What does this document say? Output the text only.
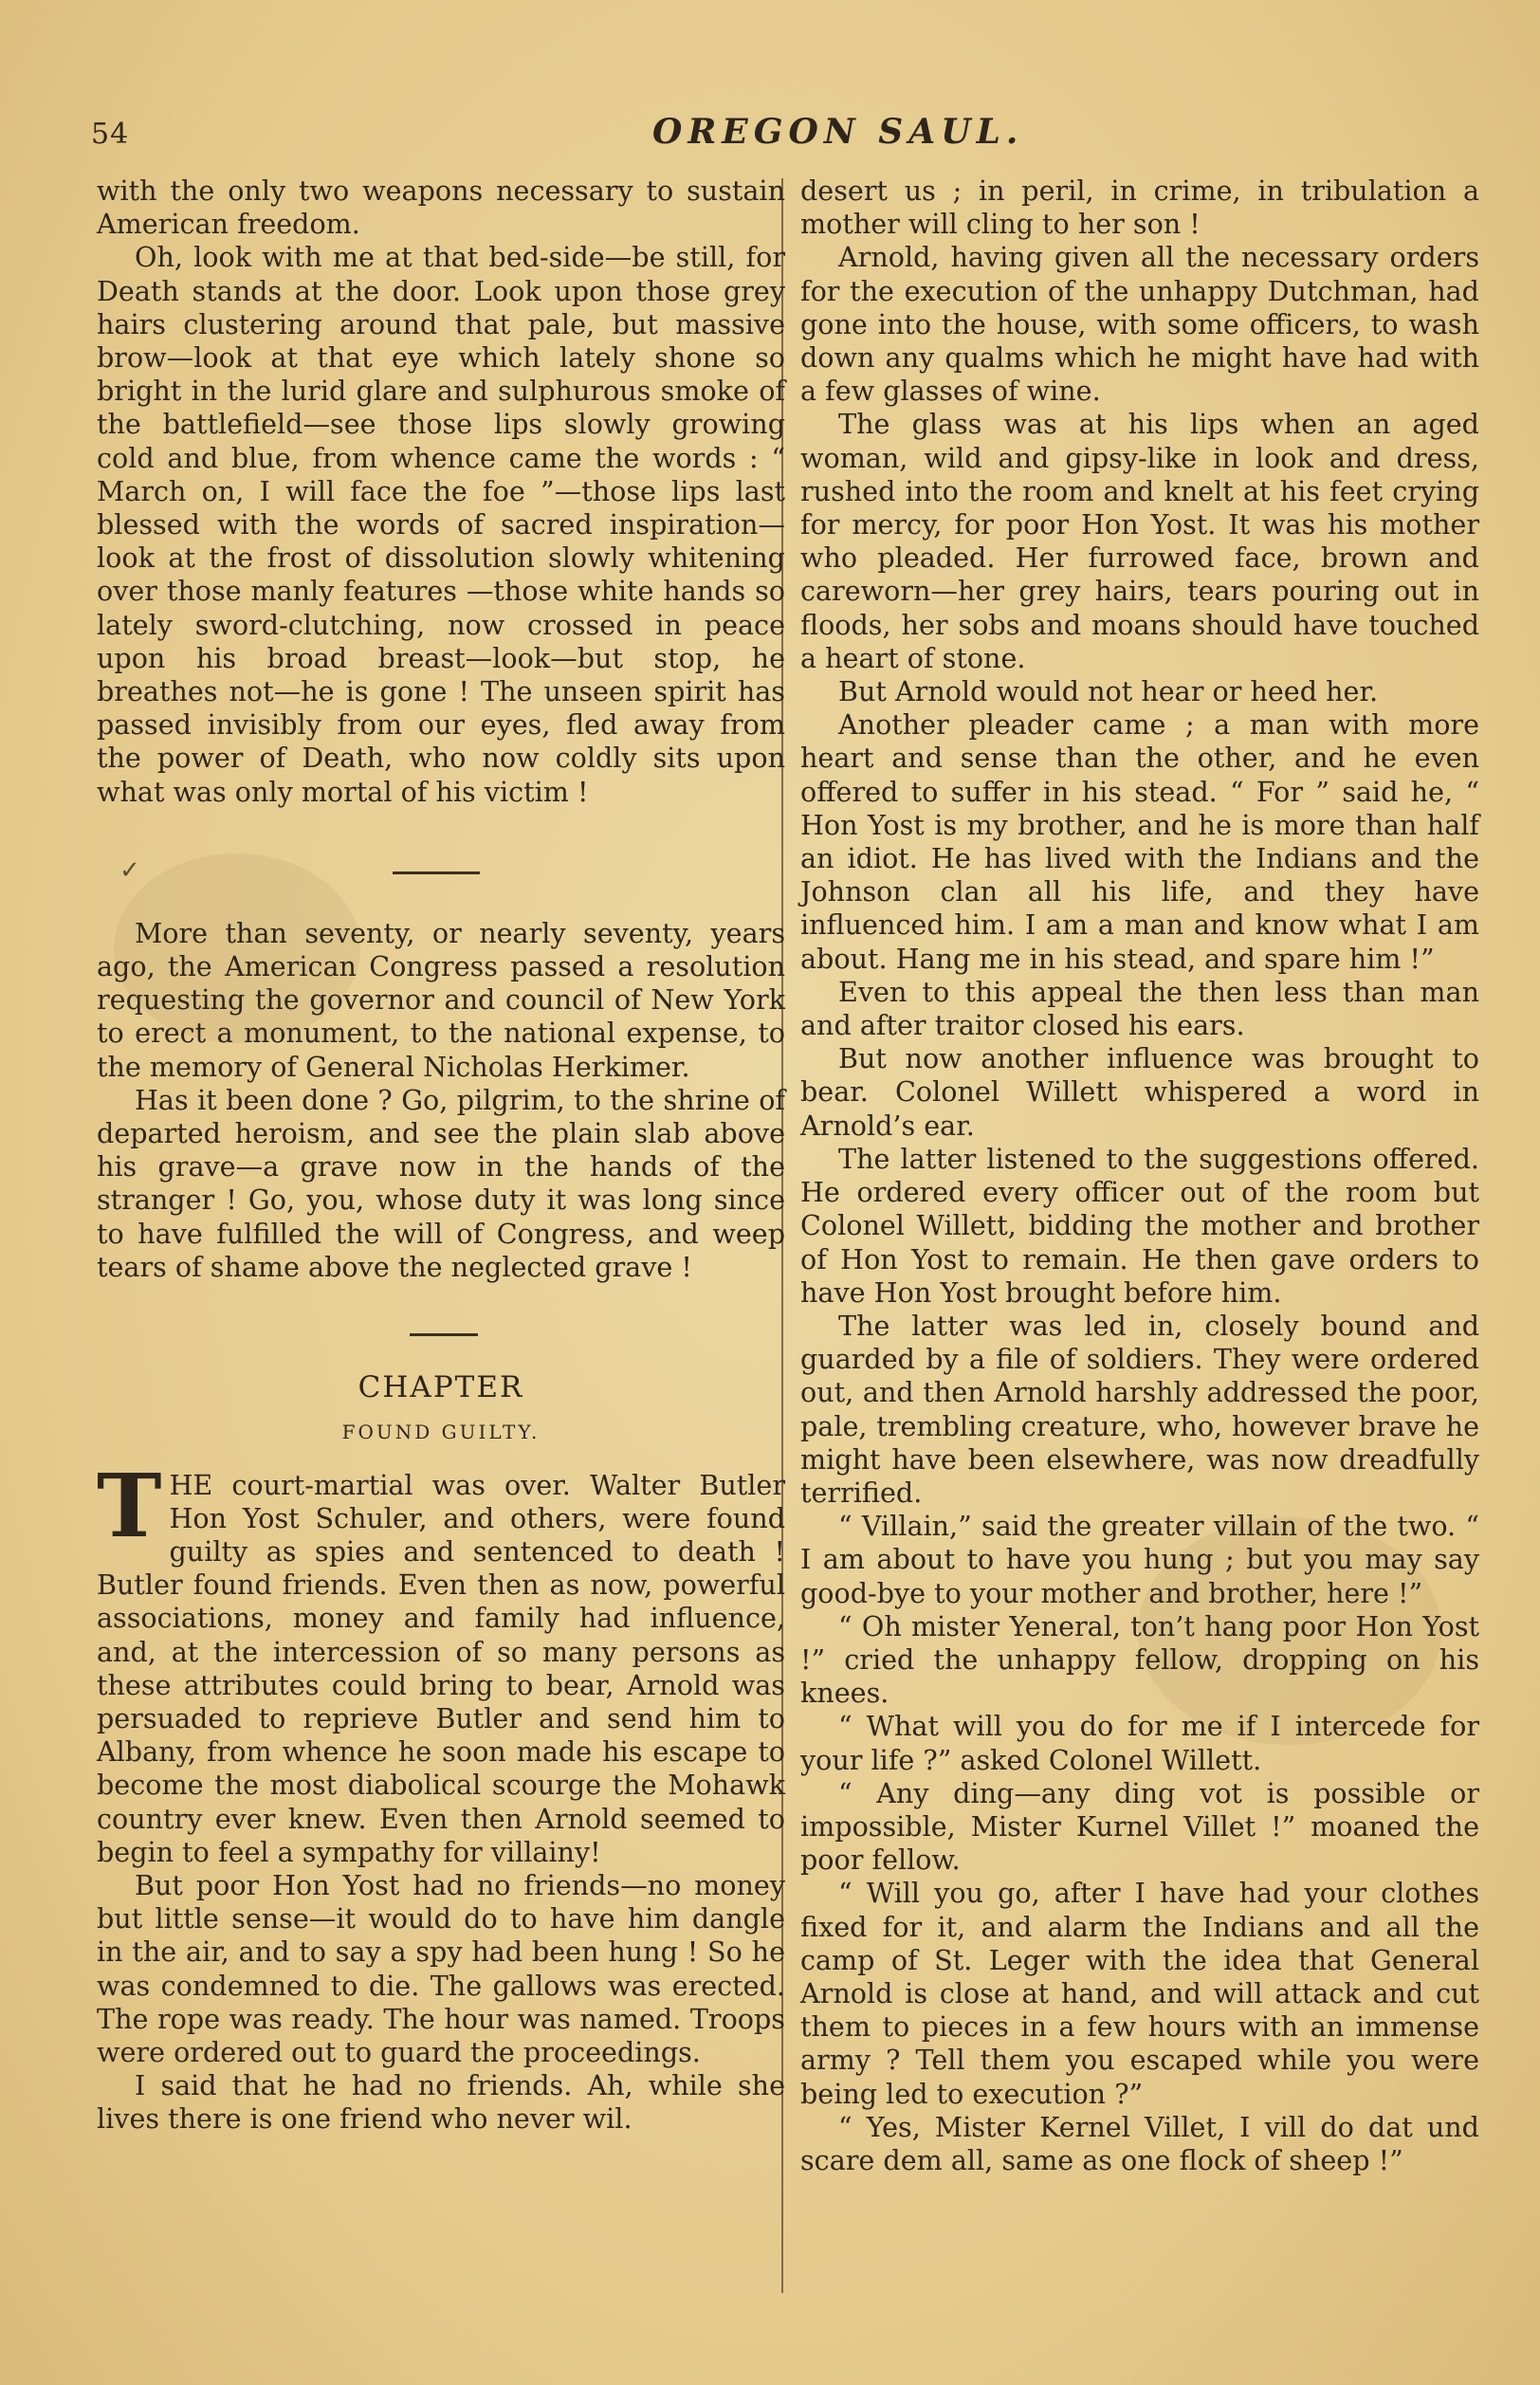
54	OREGON SAUL.

with the only two weapons necessary to sustain American freedom.

Oh, look with me at that bed-side—be still, for Death stands at the door. Look upon those grey hairs clustering around that pale, but massive brow—look at that eye which lately shone so bright in the lurid glare and sulphurous smoke of the battlefield—see those lips slowly growing cold and blue, from whence came the words : “ March on, I will face the foe ”—those lips last blessed with the words of sacred inspiration—look at the frost of dissolution slowly whitening over those manly features —those white hands so lately sword-clutching, now crossed in peace upon his broad breast—look—but stop, he breathes not—he is gone ! The unseen spirit has passed invisibly from our eyes, fled away from the power of Death, who now coldly sits upon what was only mortal of his victim !

✓

More than seventy, or nearly seventy, years ago, the American Congress passed a resolution requesting the governor and council of New York to erect a monument, to the national expense, to the memory of General Nicholas Herkimer.

Has it been done ? Go, pilgrim, to the shrine of departed heroism, and see the plain slab above his grave—a grave now in the hands of the stranger ! Go, you, whose duty it was long since to have fulfilled the will of Congress, and weep tears of shame above the neglected grave !

CHAPTER
FOUND GUILTY.

THE court-martial was over. Walter Butler Hon Yost Schuler, and others, were found guilty as spies and sentenced to death ! Butler found friends. Even then as now, powerful associations, money and family had influence, and, at the intercession of so many persons as these attributes could bring to bear, Arnold was persuaded to reprieve Butler and send him to Albany, from whence he soon made his escape to become the most diabolical scourge the Mohawk country ever knew. Even then Arnold seemed to begin to feel a sympathy for villainy!

But poor Hon Yost had no friends—no money but little sense—it would do to have him dangle in the air, and to say a spy had been hung ! So he was condemned to die. The gallows was erected. The rope was ready. The hour was named. Troops were ordered out to guard the proceedings.

I said that he had no friends. Ah, while she lives there is one friend who never wil.

desert us ; in peril, in crime, in tribulation a mother will cling to her son !

Arnold, having given all the necessary orders for the execution of the unhappy Dutchman, had gone into the house, with some officers, to wash down any qualms which he might have had with a few glasses of wine.

The glass was at his lips when an aged woman, wild and gipsy-like in look and dress, rushed into the room and knelt at his feet crying for mercy, for poor Hon Yost. It was his mother who pleaded. Her furrowed face, brown and careworn—her grey hairs, tears pouring out in floods, her sobs and moans should have touched a heart of stone.

But Arnold would not hear or heed her.

Another pleader came ; a man with more heart and sense than the other, and he even offered to suffer in his stead. “ For ” said he, “ Hon Yost is my brother, and he is more than half an idiot. He has lived with the Indians and the Johnson clan all his life, and they have influenced him. I am a man and know what I am about. Hang me in his stead, and spare him !”

Even to this appeal the then less than man and after traitor closed his ears.

But now another influence was brought to bear. Colonel Willett whispered a word in Arnold’s ear.

The latter listened to the suggestions offered. He ordered every officer out of the room but Colonel Willett, bidding the mother and brother of Hon Yost to remain. He then gave orders to have Hon Yost brought before him.

The latter was led in, closely bound and guarded by a file of soldiers. They were ordered out, and then Arnold harshly addressed the poor, pale, trembling creature, who, however brave he might have been elsewhere, was now dreadfully terrified.

“ Villain,” said the greater villain of the two. “ I am about to have you hung ; but you may say good-bye to your mother and brother, here !”

“ Oh mister Yeneral, ton’t hang poor Hon Yost !” cried the unhappy fellow, dropping on his knees.

“ What will you do for me if I intercede for your life ?” asked Colonel Willett.

“ Any ding—any ding vot is possible or impossible, Mister Kurnel Villet !” moaned the poor fellow.

“ Will you go, after I have had your clothes fixed for it, and alarm the Indians and all the camp of St. Leger with the idea that General Arnold is close at hand, and will attack and cut them to pieces in a few hours with an immense army ? Tell them you escaped while you were being led to execution ?”

“ Yes, Mister Kernel Villet, I vill do dat und scare dem all, same as one flock of sheep !”
